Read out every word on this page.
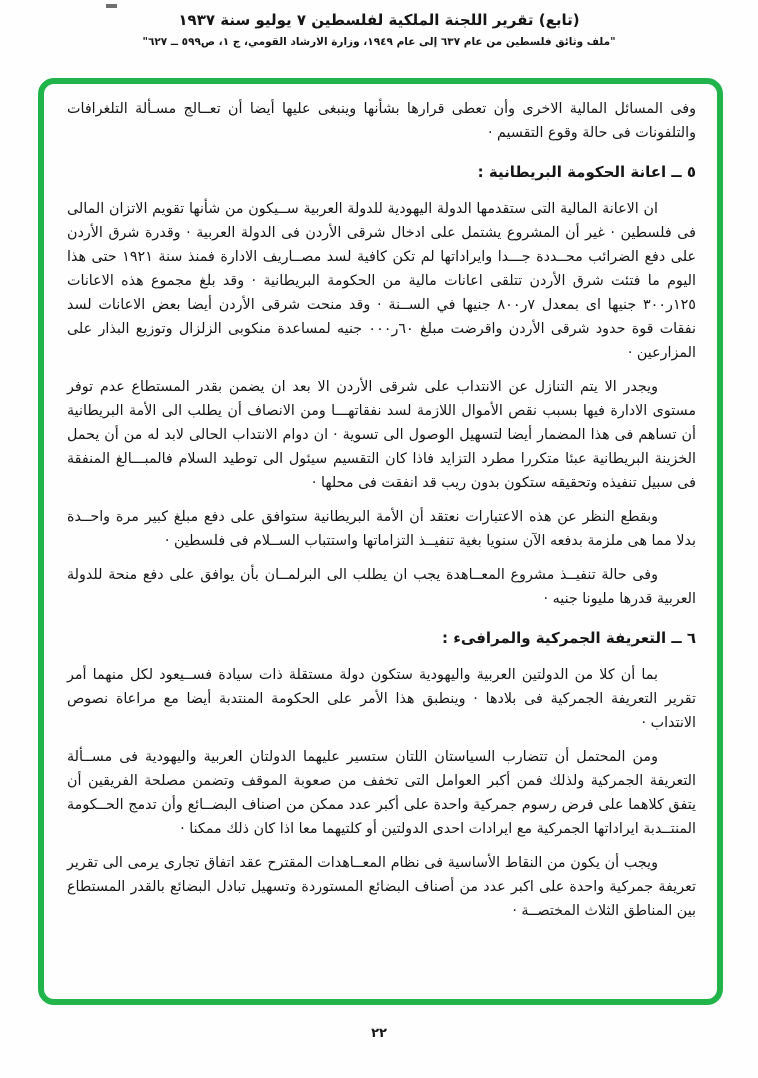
(تابع) تقرير اللجنة الملكية لفلسطين ٧ يوليو سنة ١٩٣٧
"ملف وثائق فلسطين من عام ٦٣٧ إلى عام ١٩٤٩، وزارة الارشاد القومي، ج ١، ص٥٩٩ ــ ٦٢٧"
وفى المسائل المالية الاخرى وأن تعطى قرارها بشأنها وينبغى عليها أيضا أن تعــالج مسـألة التلغرافات والتلفونات فى حالة وقوع التقسيم ·
٥ ــ اعانة الحكومة البريطانية :
ان الاعانة المالية التى ستقدمها الدولة اليهودية للدولة العربية ســيكون من شأنها تقويم الاتزان المالى فى فلسطين · غير أن المشروع يشتمل على ادخال شرقى الأردن فى الدولة العربية · وقدرة شرق الأردن على دفع الضرائب محــددة جـــدا وايراداتها لم تكن كافية لسد مصــاريف الادارة فمنذ سنة ١٩٢١ حتى هذا اليوم ما فتئت شرق الأردن تتلقى اعانات مالية من الحكومة البريطانية · وقد بلغ مجموع هذه الاعانات ١٢٥ر٣٠٠ جنيها اى بمعدل ٧ر٨٠٠ جنيها في الســنة · وقد منحت شرقى الأردن أيضا بعض الاعانات لسد نفقات قوة حدود شرقى الأردن واقرضت مبلغ ٦٠ر٠٠٠ جنيه لمساعدة منكوبى الزلزال وتوزيع البذار على المزارعين ·
ويجدر الا يتم التنازل عن الانتداب على شرقى الأردن الا بعد ان يضمن بقدر المستطاع عدم توفر مستوى الادارة فيها بسبب نقص الأموال اللازمة لسد نفقاتهـــا ومن الانصاف أن يطلب الى الأمة البريطانية أن تساهم فى هذا المضمار أيضا لتسهيل الوصول الى تسوية · ان دوام الانتداب الحالى لابد له من أن يحمل الخزينة البريطانية عبئا متكررا مطرد التزايد فاذا كان التقسيم سيئول الى توطيد السلام فالمبـــالغ المنفقة فى سبيل تنفيذه وتحقيقه ستكون بدون ريب قد انفقت فى محلها ·
وبقطع النظر عن هذه الاعتبارات نعتقد أن الأمة البريطانية ستوافق على دفع مبلغ كبير مرة واحــدة بدلا مما هى ملزمة بدفعه الآن سنويا بغية تنفيــذ التزاماتها واستتباب الســلام فى فلسطين ·
وفى حالة تنفيــذ مشروع المعــاهدة يجب ان يطلب الى البرلمــان بأن يوافق على دفع منحة للدولة العربية قدرها مليونا جنيه ·
٦ ــ التعريفة الجمركية والمرافىء :
بما أن كلا من الدولتين العربية واليهودية ستكون دولة مستقلة ذات سيادة فســيعود لكل منهما أمر تقرير التعريفة الجمركية فى بلادها · وينطبق هذا الأمر على الحكومة المنتدبة أيضا مع مراعاة نصوص الانتداب ·
ومن المحتمل أن تتضارب السياستان اللتان ستسير عليهما الدولتان العربية واليهودية فى مســألة التعريفة الجمركية ولذلك فمن أكبر العوامل التى تخفف من صعوبة الموقف وتضمن مصلحة الفريقين أن يتفق كلاهما على فرض رسوم جمركية واحدة على أكبر عدد ممكن من اصناف البضــائع وأن تدمج الحــكومة المنتــدبة ايراداتها الجمركية مع ايرادات احدى الدولتين أو كلتيهما معا اذا كان ذلك ممكنا ·
ويجب أن يكون من النقاط الأساسية فى نظام المعــاهدات المقترح عقد اتفاق تجارى يرمى الى تقرير تعريفة جمركية واحدة على اكبر عدد من أصناف البضائع المستوردة وتسهيل تبادل البضائع بالقدر المستطاع بين المناطق الثلاث المختصــة ·
٢٢
